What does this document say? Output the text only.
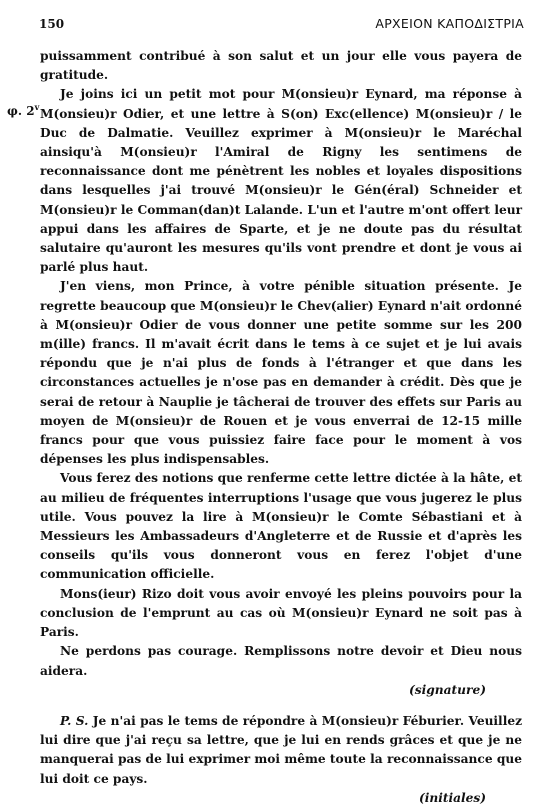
150	ΑΡΧΕΙΟΝ ΚΑΠΟΔΙΣΤΡΙΑ
φ. 2$^v$

puissamment contribué à son salut et un jour elle vous payera de gratitude.

Je joins ici un petit mot pour M(onsieu)r Eynard, ma réponse à M(onsieu)r Odier, et une lettre à S(on) Exc(ellence) M(onsieu)r / le Duc de Dalmatie. Veuillez exprimer à M(onsieu)r le Maréchal ainsiqu'à M(onsieu)r l'Amiral de Rigny les sentimens de reconnaissance dont me pénètrent les nobles et loyales dispositions dans lesquelles j'ai trouvé M(onsieu)r le Gén(éral) Schneider et M(onsieu)r le Comman(dan)t Lalande. L'un et l'autre m'ont offert leur appui dans les affaires de Sparte, et je ne doute pas du résultat salutaire qu'auront les mesures qu'ils vont prendre et dont je vous ai parlé plus haut.

J'en viens, mon Prince, à votre pénible situation présente. Je regrette beaucoup que M(onsieu)r le Chev(alier) Eynard n'ait ordonné à M(onsieu)r Odier de vous donner une petite somme sur les 200 m(ille) francs. Il m'avait écrit dans le tems à ce sujet et je lui avais répondu que je n'ai plus de fonds à l'étranger et que dans les circonstances actuelles je n'ose pas en demander à crédit. Dès que je serai de retour à Nauplie je tâcherai de trouver des effets sur Paris au moyen de M(onsieu)r de Rouen et je vous enverrai de 12-15 mille francs pour que vous puissiez faire face pour le moment à vos dépenses les plus indispensables.

Vous ferez des notions que renferme cette lettre dictée à la hâte, et au milieu de fréquentes interruptions l'usage que vous jugerez le plus utile. Vous pouvez la lire à M(onsieu)r le Comte Sébastiani et à Messieurs les Ambassadeurs d'Angleterre et de Russie et d'après les conseils qu'ils vous donneront vous en ferez l'objet d'une communication officielle.

Mons(ieur) Rizo doit vous avoir envoyé les pleins pouvoirs pour la conclusion de l'emprunt au cas où M(onsieu)r Eynard ne soit pas à Paris.

Ne perdons pas courage. Remplissons notre devoir et Dieu nous aidera.

(signature)

P. S. Je n'ai pas le tems de répondre à M(onsieu)r Féburier. Veuillez lui dire que j'ai reçu sa lettre, que je lui en rends grâces et que je ne manquerai pas de lui exprimer moi même toute la reconnaissance que lui doit ce pays.

(initiales)
